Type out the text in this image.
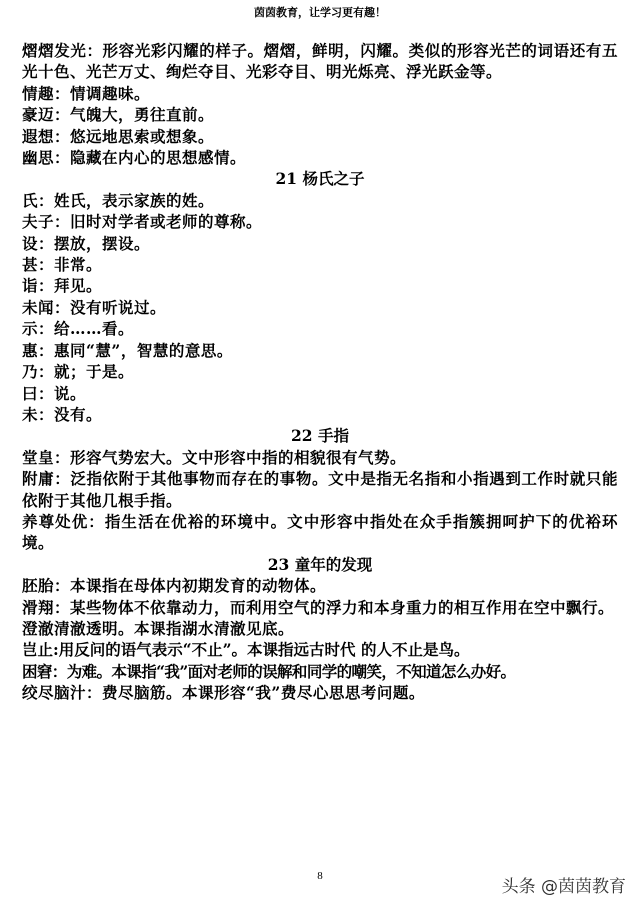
茵茵教育，让学习更有趣！
熠熠发光：形容光彩闪耀的样子。熠熠，鲜明，闪耀。类似的形容光芒的词语还有五光十色、光芒万丈、绚烂夺目、光彩夺目、明光烁亮、浮光跃金等。
情趣：情调趣味。
豪迈：气魄大，勇往直前。
遐想：悠远地思索或想象。
幽思：隐藏在内心的思想感情。
21 杨氏之子
氏：姓氏，表示家族的姓。
夫子：旧时对学者或老师的尊称。
设：摆放，摆设。
甚：非常。
诣：拜见。
未闻：没有听说过。
示：给……看。
惠：惠同“慧”，智慧的意思。
乃：就；于是。
曰：说。
未：没有。
22 手指
堂皇：形容气势宏大。文中形容中指的相貌很有气势。
附庸：泛指依附于其他事物而存在的事物。文中是指无名指和小指遇到工作时就只能依附于其他几根手指。
养尊处优：指生活在优裕的环境中。文中形容中指处在众手指簇拥呵护下的优裕环境。
23 童年的发现
胚胎：本课指在母体内初期发育的动物体。
滑翔：某些物体不依靠动力，而利用空气的浮力和本身重力的相互作用在空中飘行。
澄澈清澈透明。本课指湖水清澈见底。
岂止:用反问的语气表示“不止”。本课指远古时代 的人不止是鸟。
困窘：为难。本课指“我”面对老师的误解和同学的嘲笑，不知道怎么办好。
绞尽脑汁：费尽脑筋。本课形容“我”费尽心思思考问题。
8
头条 @茵茵教育
